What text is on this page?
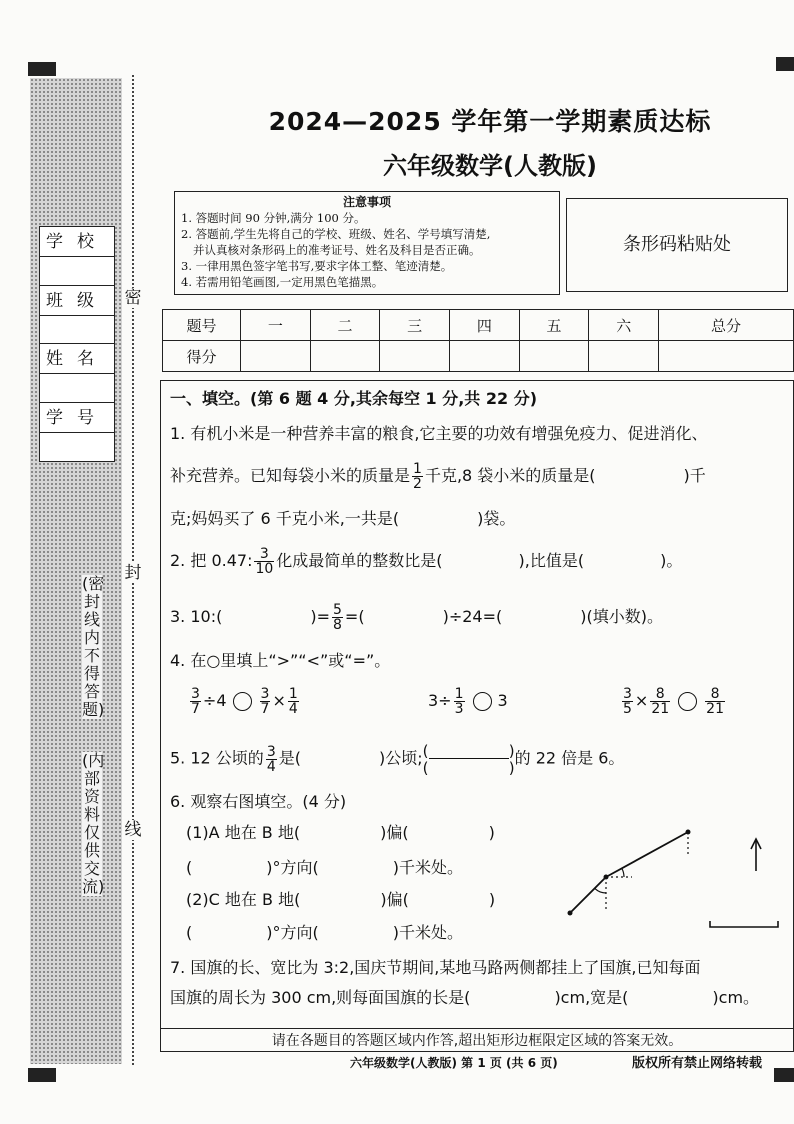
密
封
线
学校
班级
姓名
学号
(密封线内不得答题)
(内部资料 仅供交流)
2024—2025 学年第一学期素质达标
六年级数学(人教版)
注意事项
1. 答题时间 90 分钟,满分 100 分。
2. 答题前,学生先将自己的学校、班级、姓名、学号填写清楚,
并认真核对条形码上的准考证号、姓名及科目是否正确。
3. 一律用黑色签字笔书写,要求字体工整、笔迹清楚。
4. 若需用铅笔画图,一定用黑色笔描黑。
条形码粘贴处
题号	一	二	三	四	五	六	总分
得分							
一、填空。(第 6 题 4 分,其余每空 1 分,共 22 分)
1. 有机小米是一种营养丰富的粮食,它主要的功效有增强免疫力、促进消化、
补充营养。已知每袋小米的质量是 $\frac{1}{2}$ 千克,8 袋小米的质量是(	)千
克;妈妈买了 6 千克小米,一共是(	)袋。
2. 把 0.47: $\frac{3}{10}$ 化成最简单的整数比是(	),比值是(	)。
3. 10:(	)= $\frac{5}{8}$ =(	)÷24=(	)(填小数)。
4. 在○里填上“>”“<”或“=”。
$\frac{3}{7} \div 4 \frac{3}{7} \times \frac{1}{4}$	$3\div \frac{1}{3} 3$	$\frac{3}{5} \times \frac{8}{21}$	$\frac{8}{21}$
5. 12 公顷的 $\frac{3}{4}$ 是(	)公顷; (	)
(	)
的 22 倍是 6。
6. 观察右图填空。(4 分)
(1)A 地在 B 地(	)偏(	)
(	)°方向(	)千米处。
(2)C 地在 B 地(	)偏(	)
(	)°方向(	)千米处。
7. 国旗的长、宽比为 3:2,国庆节期间,某地马路两侧都挂上了国旗,已知每面
国旗的周长为 300 cm,则每面国旗的长是(	)cm,宽是(	)cm。
请在各题目的答题区域内作答,超出矩形边框限定区域的答案无效。
六年级数学(人教版) 第 1 页 (共 6 页)	版权所有禁止网络转载
